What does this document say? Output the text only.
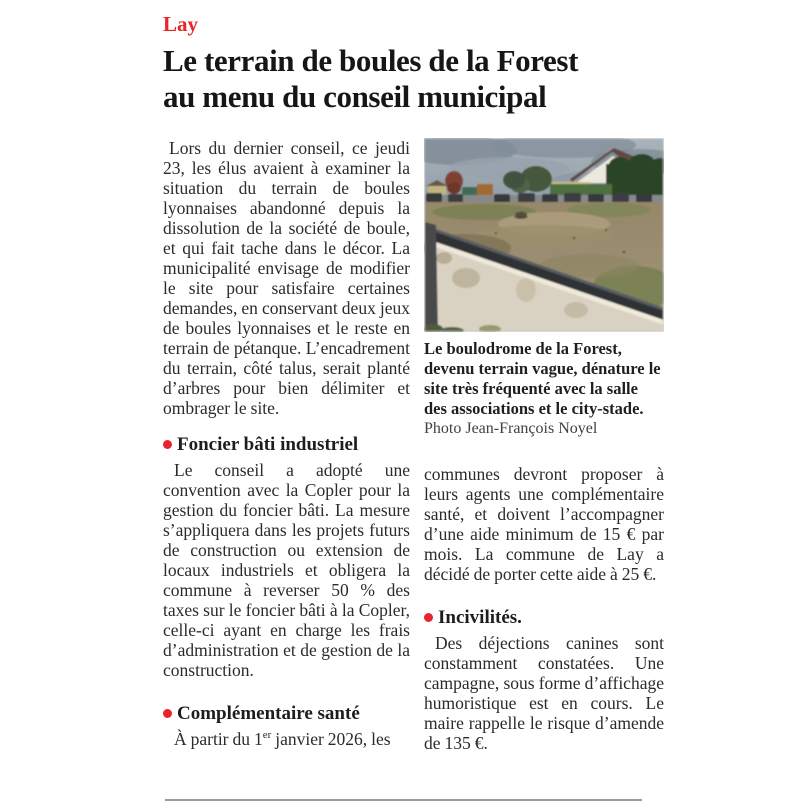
Lay
Le terrain de boules de la Forest
au menu du conseil municipal

Lors du dernier conseil, ce jeudi 23, les élus avaient à examiner la situation du terrain de boules lyonnaises abandonné depuis la dissolution de la société de boule, et qui fait tache dans le décor. La municipalité envisage de modifier le site pour satisfaire certaines demandes, en conservant deux jeux de boules lyonnaises et le reste en terrain de pétanque. L’encadrement du terrain, côté talus, serait planté d’arbres pour bien délimiter et ombrager le site.

Foncier bâti industriel

Le conseil a adopté une convention avec la Copler pour la gestion du foncier bâti. La mesure s’appliquera dans les projets futurs de construction ou extension de locaux industriels et obligera la commune à reverser 50 % des taxes sur le foncier bâti à la Copler, celle-ci ayant en charge les frais d’administration et de gestion de la construction.

Complémentaire santé

À partir du 1er janvier 2026, les

Le boulodrome de la Forest, devenu terrain vague, dénature le site très fréquenté avec la salle des associations et le city-stade.

Photo Jean-François Noyel

communes devront proposer à leurs agents une complémentaire santé, et doivent l’accompagner d’une aide minimum de 15 € par mois. La commune de Lay a décidé de porter cette aide à 25 €.

Incivilités.

Des déjections canines sont constamment constatées. Une campagne, sous forme d’affichage humoristique est en cours. Le maire rappelle le risque d’amende de 135 €.
